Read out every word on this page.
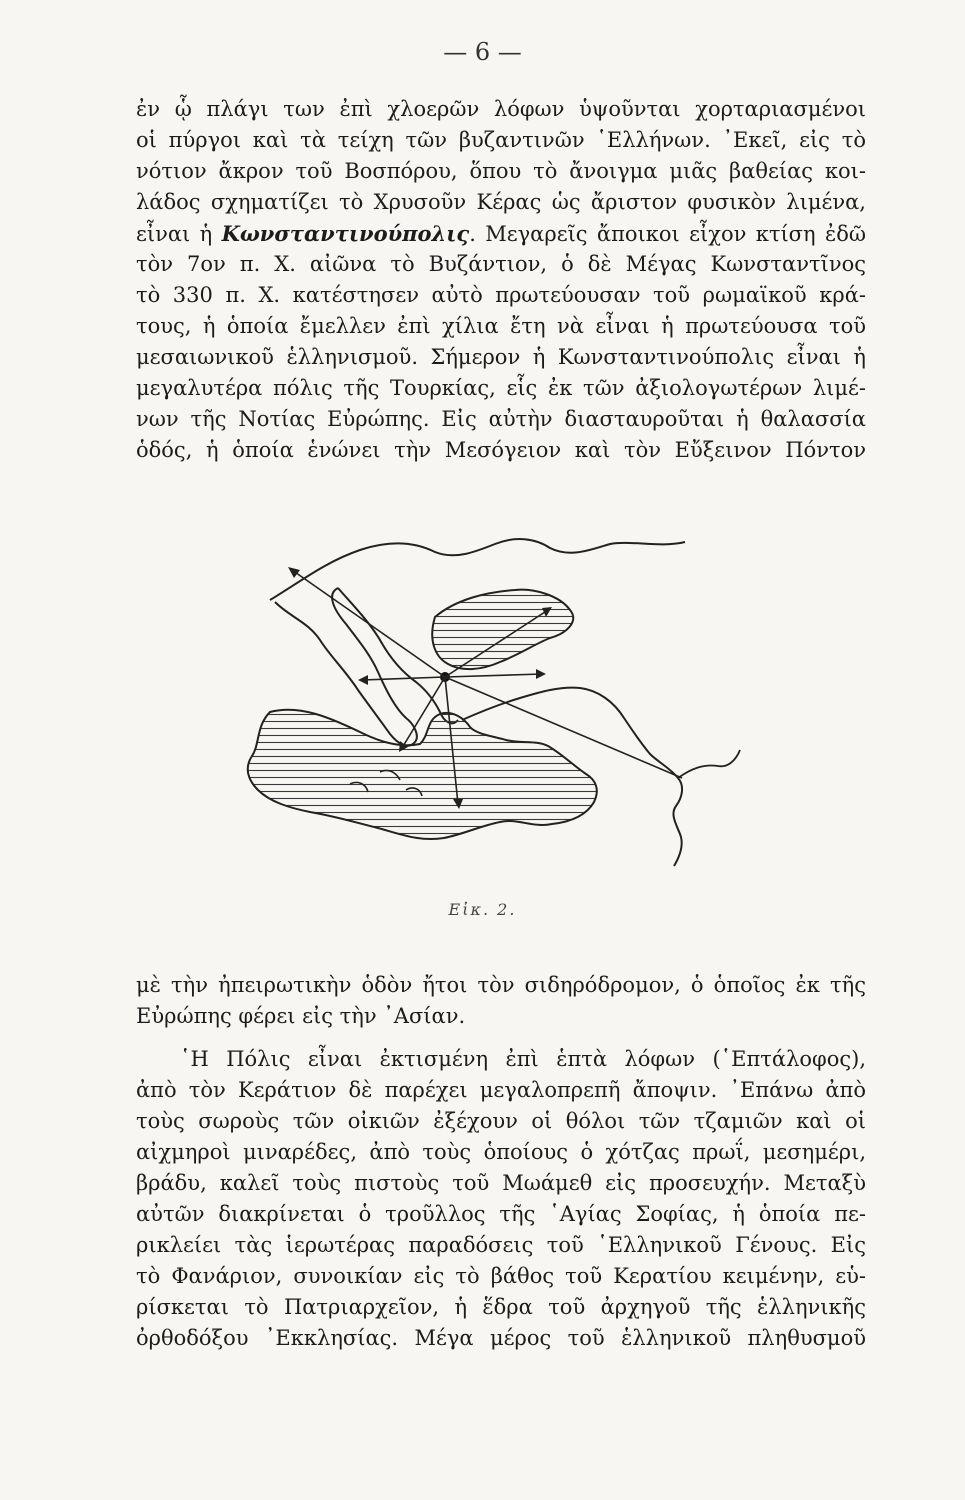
— 6 —
ἐν ᾧ πλάγι των ἐπὶ χλοερῶν λόφων ὑψοῦνται χορταριασμένοι
οἱ πύργοι καὶ τὰ τείχη τῶν βυζαντινῶν ῾Ελλήνων. ᾽Εκεῖ, εἰς τὸ
νότιον ἄκρον τοῦ Βοσπόρου, ὅπου τὸ ἄνοιγμα μιᾶς βαθείας κοι-
λάδος σχηματίζει τὸ Χρυσοῦν Κέρας ὡς ἄριστον φυσικὸν λιμένα,
εἶναι ἡ Κωνσταντινούπολις. Μεγαρεῖς ἄποικοι εἶχον κτίση ἐδῶ
τὸν 7ον π. Χ. αἰῶνα τὸ Βυζάντιον, ὁ δὲ Μέγας Κωνσταντῖνος
τὸ 330 π. Χ. κατέστησεν αὐτὸ πρωτεύουσαν τοῦ ρωμαϊκοῦ κρά-
τους, ἡ ὁποία ἔμελλεν ἐπὶ χίλια ἔτη νὰ εἶναι ἡ πρωτεύουσα τοῦ
μεσαιωνικοῦ ἑλληνισμοῦ. Σήμερον ἡ Κωνσταντινούπολις εἶναι ἡ
μεγαλυτέρα πόλις τῆς Τουρκίας, εἷς ἐκ τῶν ἀξιολογωτέρων λιμέ-
νων τῆς Νοτίας Εὐρώπης. Εἰς αὐτὴν διασταυροῦται ἡ θαλασσία
ὁδός, ἡ ὁποία ἑνώνει τὴν Μεσόγειον καὶ τὸν Εὔξεινον Πόντον
Εἰκ. 2.
μὲ τὴν ἠπειρωτικὴν ὁδὸν ἤτοι τὸν σιδηρόδρομον, ὁ ὁποῖος ἐκ τῆς
Εὐρώπης φέρει εἰς τὴν ᾽Ασίαν.
῾Η Πόλις εἶναι ἐκτισμένη ἐπὶ ἑπτὰ λόφων (῾Επτάλοφος),
ἀπὸ τὸν Κεράτιον δὲ παρέχει μεγαλοπρεπῆ ἄποψιν. ᾽Επάνω ἀπὸ
τοὺς σωροὺς τῶν οἰκιῶν ἐξέχουν οἱ θόλοι τῶν τζαμιῶν καὶ οἱ
αἰχμηροὶ μιναρέδες, ἀπὸ τοὺς ὁποίους ὁ χότζας πρωΐ, μεσημέρι,
βράδυ, καλεῖ τοὺς πιστοὺς τοῦ Μωάμεθ εἰς προσευχήν. Μεταξὺ
αὐτῶν διακρίνεται ὁ τροῦλλος τῆς ῾Αγίας Σοφίας, ἡ ὁποία πε-
ρικλείει τὰς ἱερωτέρας παραδόσεις τοῦ ῾Ελληνικοῦ Γένους. Εἰς
τὸ Φανάριον, συνοικίαν εἰς τὸ βάθος τοῦ Κερατίου κειμένην, εὑ-
ρίσκεται τὸ Πατριαρχεῖον, ἡ ἕδρα τοῦ ἀρχηγοῦ τῆς ἑλληνικῆς
ὀρθοδόξου ᾽Εκκλησίας. Μέγα μέρος τοῦ ἑλληνικοῦ πληθυσμοῦ
